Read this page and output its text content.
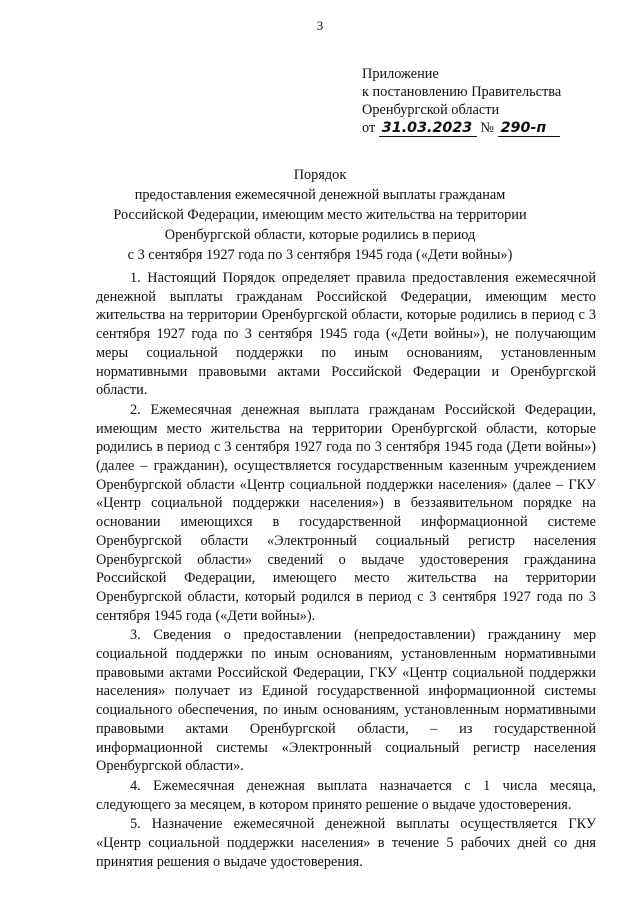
3
Приложение
к постановлению Правительства
Оренбургской области
от 31.03.2023 № 290-п
Порядок
предоставления ежемесячной денежной выплаты гражданам
Российской Федерации, имеющим место жительства на территории
Оренбургской области, которые родились в период
с 3 сентября 1927 года по 3 сентября 1945 года («Дети войны»)

1. Настоящий Порядок определяет правила предоставления ежемесячной денежной выплаты гражданам Российской Федерации, имеющим место жительства на территории Оренбургской области, которые родились в период с 3 сентября 1927 года по 3 сентября 1945 года («Дети войны»), не получающим меры социальной поддержки по иным основаниям, установленным нормативными правовыми актами Российской Федерации и Оренбургской области.

2. Ежемесячная денежная выплата гражданам Российской Федерации, имеющим место жительства на территории Оренбургской области, которые родились в период с 3 сентября 1927 года по 3 сентября 1945 года (Дети войны») (далее – гражданин), осуществляется государственным казенным учреждением Оренбургской области «Центр социальной поддержки населения» (далее – ГКУ «Центр социальной поддержки населения») в беззаявительном порядке на основании имеющихся в государственной информационной системе Оренбургской области «Электронный социальный регистр населения Оренбургской области» сведений о выдаче удостоверения гражданина Российской Федерации, имеющего место жительства на территории Оренбургской области, который родился в период с 3 сентября 1927 года по 3 сентября 1945 года («Дети войны»).

3. Сведения о предоставлении (непредоставлении) гражданину мер социальной поддержки по иным основаниям, установленным нормативными правовыми актами Российской Федерации, ГКУ «Центр социальной поддержки населения» получает из Единой государственной информационной системы социального обеспечения, по иным основаниям, установленным нормативными правовыми актами Оренбургской области, – из государственной информационной системы «Электронный социальный регистр населения Оренбургской области».

4. Ежемесячная денежная выплата назначается с 1 числа месяца, следующего за месяцем, в котором принято решение о выдаче удостоверения.

5. Назначение ежемесячной денежной выплаты осуществляется ГКУ «Центр социальной поддержки населения» в течение 5 рабочих дней со дня принятия решения о выдаче удостоверения.
